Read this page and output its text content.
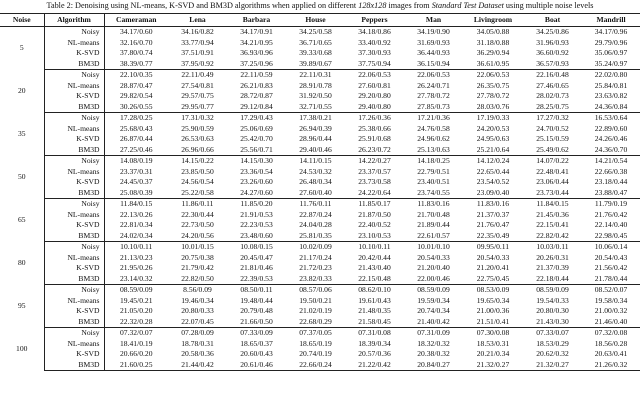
Table 2: Denoising using NL-means, K-SVD and BM3D algorithms when applied on different 128x128 images from Standard Test Dataset using multiple noise levels
Noise	Algorithm	Cameraman	Lena	Barbara	House	Peppers	Man	Livingroom	Boat	Mandrill
5	Noisy	34.17/0.60	34.16/0.82	34.17/0.91	34.25/0.58	34.18/0.86	34.19/0.90	34.05/0.88	34.25/0.86	34.17/0.96
	NL-means	32.16/0.70	33.77/0.94	34.21/0.95	36.71/0.65	33.40/0.92	31.69/0.93	31.18/0.88	31.96/0.93	29.79/0.96
	K-SVD	37.80/0.74	37.51/0.91	36.93/0.96	39.33/0.68	37.30/0.93	36.44/0.93	36.29/0.94	36.60/0.92	35.06/0.97
	BM3D	38.39/0.77	37.95/0.92	37.25/0.96	39.89/0.67	37.75/0.94	36.15/0.94	36.61/0.95	36.57/0.93	35.24/0.97
20	Noisy	22.10/0.35	22.11/0.49	22.11/0.59	22.11/0.31	22.06/0.53	22.06/0.53	22.06/0.53	22.16/0.48	22.02/0.80
	NL-means	28.87/0.47	27.54/0.81	26.21/0.83	28.91/0.78	27.60/0.81	26.24/0.71	26.35/0.75	27.46/0.65	25.84/0.81
	K-SVD	29.82/0.54	29.57/0.75	28.72/0.87	31.92/0.50	29.20/0.80	27.78/0.72	27.78/0.72	28.02/0.73	23.63/0.82
	BM3D	30.26/0.55	29.95/0.77	29.12/0.84	32.71/0.55	29.40/0.80	27.85/0.73	28.03/0.76	28.25/0.75	24.36/0.84
35	Noisy	17.28/0.25	17.31/0.32	17.29/0.43	17.38/0.21	17.26/0.36	17.21/0.36	17.19/0.33	17.27/0.32	16.53/0.64
	NL-means	25.68/0.43	25.90/0.59	25.06/0.69	26.94/0.39	25.38/0.66	24.76/0.58	24.20/0.53	24.70/0.52	22.89/0.60
	K-SVD	26.87/0.44	26.53/0.63	25.42/0.70	28.96/0.44	25.91/0.68	24.96/0.62	24.95/0.63	25.15/0.59	24.26/0.46
	BM3D	27.25/0.46	26.96/0.66	25.56/0.71	29.40/0.46	26.23/0.72	25.13/0.63	25.21/0.64	25.49/0.62	24.36/0.70
50	Noisy	14.08/0.19	14.15/0.22	14.15/0.30	14.11/0.15	14.22/0.27	14.18/0.25	14.12/0.24	14.07/0.22	14.21/0.54
	NL-means	23.37/0.31	23.85/0.50	23.36/0.54	24.53/0.32	23.37/0.57	22.79/0.51	22.65/0.44	22.48/0.41	22.66/0.38
	K-SVD	24.45/0.37	24.56/0.54	23.26/0.60	26.48/0.34	23.73/0.58	23.40/0.51	23.54/0.52	23.06/0.44	23.18/0.44
	BM3D	25.08/0.39	25.22/0.58	24.27/0.60	27.60/0.40	24.22/0.64	23.74/0.55	23.09/0.40	23.73/0.44	23.88/0.47
65	Noisy	11.84/0.15	11.86/0.11	11.85/0.20	11.76/0.11	11.85/0.17	11.83/0.16	11.83/0.16	11.84/0.15	11.79/0.19
	NL-means	22.13/0.26	22.30/0.44	21.91/0.53	22.87/0.24	21.87/0.50	21.70/0.48	21.37/0.37	21.45/0.36	21.76/0.42
	K-SVD	22.81/0.34	22.73/0.50	22.23/0.53	24.04/0.28	22.40/0.52	21.89/0.44	21.76/0.47	22.15/0.41	22.14/0.40
	BM3D	24.02/0.34	24.20/0.56	23.48/0.60	25.81/0.35	23.10/0.53	22.61/0.57	22.35/0.49	22.82/0.42	22.98/0.45
80	Noisy	10.10/0.11	10.01/0.15	10.08/0.15	10.02/0.09	10.10/0.11	10.01/0.10	09.95/0.11	10.03/0.11	10.06/0.14
	NL-means	21.13/0.23	20.75/0.38	20.45/0.47	21.17/0.24	20.42/0.44	20.54/0.33	20.54/0.33	20.26/0.31	20.54/0.43
	K-SVD	21.95/0.26	21.79/0.42	21.81/0.46	21.72/0.23	21.43/0.40	21.20/0.40	21.20/0.41	21.37/0.39	21.56/0.42
	BM3D	23.14/0.32	22.82/0.50	22.39/0.53	23.82/0.33	22.15/0.48	22.00/0.46	22.75/0.45	22.18/0.44	21.78/0.44
95	Noisy	08.59/0.09	8.56/0.09	08.50/0.11	08.57/0.06	08.62/0.10	08.59/0.09	08.53/0.09	08.59/0.09	08.52/0.07
	NL-means	19.45/0.21	19.46/0.34	19.48/0.44	19.50/0.21	19.61/0.43	19.59/0.34	19.65/0.34	19.54/0.33	19.58/0.34
	K-SVD	21.05/0.20	20.80/0.33	20.79/0.48	21.02/0.19	21.48/0.35	20.74/0.34	21.00/0.36	20.80/0.30	21.00/0.32
	BM3D	22.32/0.28	22.07/0.45	21.66/0.50	22.68/0.29	21.58/0.45	21.40/0.42	21.51/0.41	21.43/0.30	21.46/0.40
100	Noisy	07.32/0.07	07.28/0.09	07.33/0.09	07.37/0.05	07.31/0.08	07.31/0.09	07.30/0.08	07.33/0.07	07.32/0.08
	NL-means	18.41/0.19	18.78/0.31	18.65/0.37	18.65/0.19	18.39/0.34	18.32/0.32	18.53/0.31	18.53/0.29	18.56/0.28
	K-SVD	20.66/0.20	20.58/0.36	20.60/0.43	20.74/0.19	20.57/0.36	20.38/0.32	20.21/0.34	20.62/0.32	20.63/0.41
	BM3D	21.60/0.25	21.44/0.42	20.61/0.46	22.66/0.24	21.22/0.42	20.84/0.27	21.32/0.27	21.32/0.27	21.26/0.32
